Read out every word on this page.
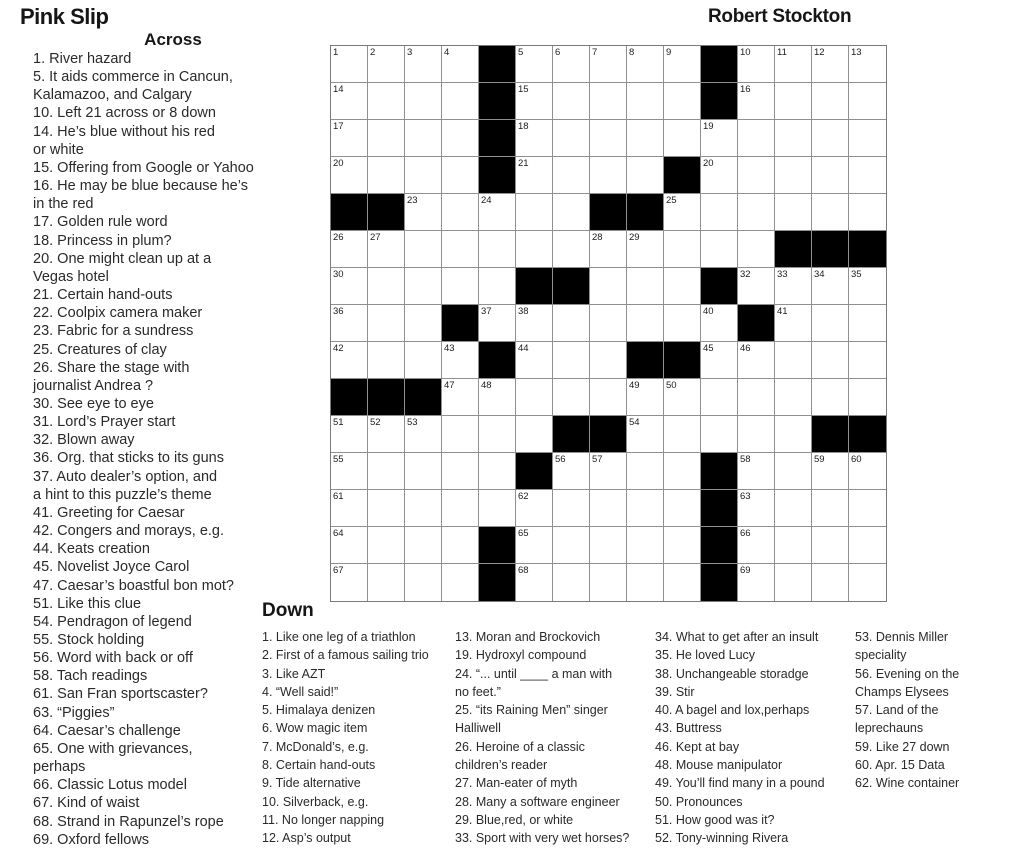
Pink Slip	Robert Stockton
Across
1. River hazard
5. It aids commerce in Cancun,
Kalamazoo, and Calgary
10. Left 21 across or 8 down
14. He’s blue without his red
or white
15. Offering from Google or Yahoo
16. He may be blue because he’s
in the red
17. Golden rule word
18. Princess in plum?
20. One might clean up at a
Vegas hotel
21. Certain hand-outs
22. Coolpix camera maker
23. Fabric for a sundress
25. Creatures of clay
26. Share the stage with
journalist Andrea ?
30. See eye to eye
31. Lord’s Prayer start
32. Blown away
36. Org. that sticks to its guns
37. Auto dealer’s option, and
a hint to this puzzle’s theme
41. Greeting for Caesar
42. Congers and morays, e.g.
44. Keats creation
45. Novelist Joyce Carol
47. Caesar’s boastful bon mot?
51. Like this clue
54. Pendragon of legend
55. Stock holding
56. Word with back or off
58. Tach readings
61. San Fran sportscaster?
63. “Piggies”
64. Caesar’s challenge
65. One with grievances,
perhaps
66. Classic Lotus model
67. Kind of waist
68. Strand in Rapunzel’s rope
69. Oxford fellows
1	2	3	4	5	6	7	8	9	10	11	12	13
14	15	16
17	18	19
20	21	20
23	24	25
26	27	28	29
30	32	33	34	35
36	37	38	40	41
42	43	44	45	46
47	48	49	50
51	52	53	54
55	56	57	58	59	60
61	62	63
64	65	66
67	68	69
Down
1. Like one leg of a triathlon
2. First of a famous sailing trio
3. Like AZT
4. “Well said!”
5. Himalaya denizen
6. Wow magic item
7. McDonald’s, e.g.
8. Certain hand-outs
9. Tide alternative
10. Silverback, e.g.
11. No longer napping
12. Asp’s output
13. Moran and Brockovich
19. Hydroxyl compound
24. “... until ____ a man with
no feet.”
25. “its Raining Men” singer
Halliwell
26. Heroine of a classic
children’s reader
27. Man-eater of myth
28. Many a software engineer
29. Blue,red, or white
33. Sport with very wet horses?
34. What to get after an insult
35. He loved Lucy
38. Unchangeable storadge
39. Stir
40. A bagel and lox,perhaps
43. Buttress
46. Kept at bay
48. Mouse manipulator
49. You’ll find many in a pound
50. Pronounces
51. How good was it?
52. Tony-winning Rivera
53. Dennis Miller
speciality
56. Evening on the
Champs Elysees
57. Land of the
leprechauns
59. Like 27 down
60. Apr. 15 Data
62. Wine container
